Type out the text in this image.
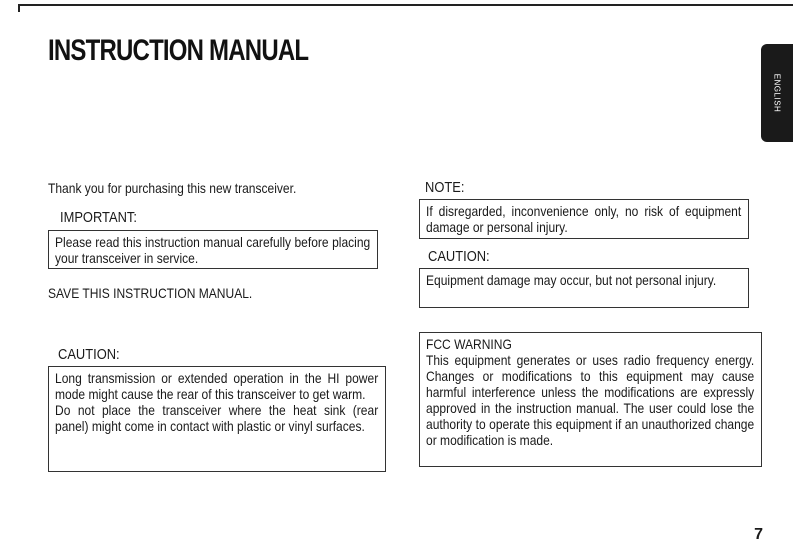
INSTRUCTION MANUAL
ENGLISH
Thank you for purchasing this new transceiver.
IMPORTANT:

Please read this instruction manual carefully before placing your transceiver in service.

SAVE THIS INSTRUCTION MANUAL.
CAUTION:

Long transmission or extended operation in the HI power mode might cause the rear of this transceiver to get warm.

Do not place the transceiver where the heat sink (rear panel) might come in contact with plastic or vinyl surfaces.

NOTE:

If disregarded, inconvenience only, no risk of equipment damage or personal injury.

CAUTION:

Equipment damage may occur, but not personal injury.

FCC WARNING

This equipment generates or uses radio frequency energy. Changes or modifications to this equipment may cause harmful interference unless the modifications are expressly approved in the instruction manual. The user could lose the authority to operate this equipment if an unauthorized change or modification is made.

7
